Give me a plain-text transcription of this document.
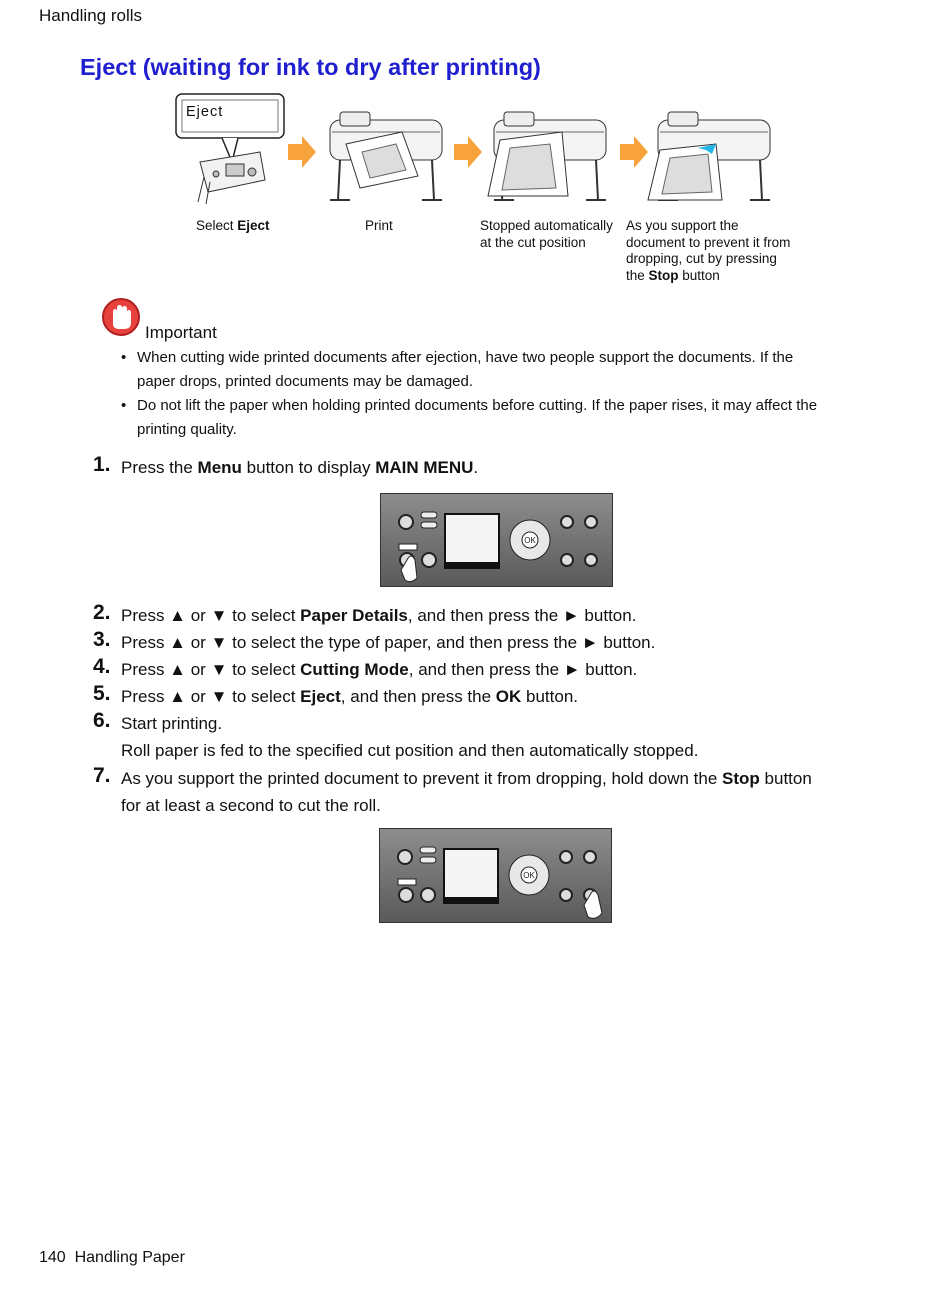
Handling rolls
Eject (waiting for ink to dry after printing)
Eject
Select Eject	Print	Stopped automatically
at the cut position
As you support the
document to prevent it from
dropping, cut by pressing
the Stop button
Important
• When cutting wide printed documents after ejection, have two people support the documents. If the
paper drops, printed documents may be damaged.
• Do not lift the paper when holding printed documents before cutting. If the paper rises, it may affect the
printing quality.
1. Press the Menu button to display MAIN MENU.
OK
2. Press ▲ or ▼ to select Paper Details, and then press the ► button.
3. Press ▲ or ▼ to select the type of paper, and then press the ► button.
4. Press ▲ or ▼ to select Cutting Mode, and then press the ► button.
5. Press ▲ or ▼ to select Eject, and then press the OK button.
6. Start printing.
Roll paper is fed to the specified cut position and then automatically stopped.
7. As you support the printed document to prevent it from dropping, hold down the Stop button
for at least a second to cut the roll.
OK
140 Handling Paper
